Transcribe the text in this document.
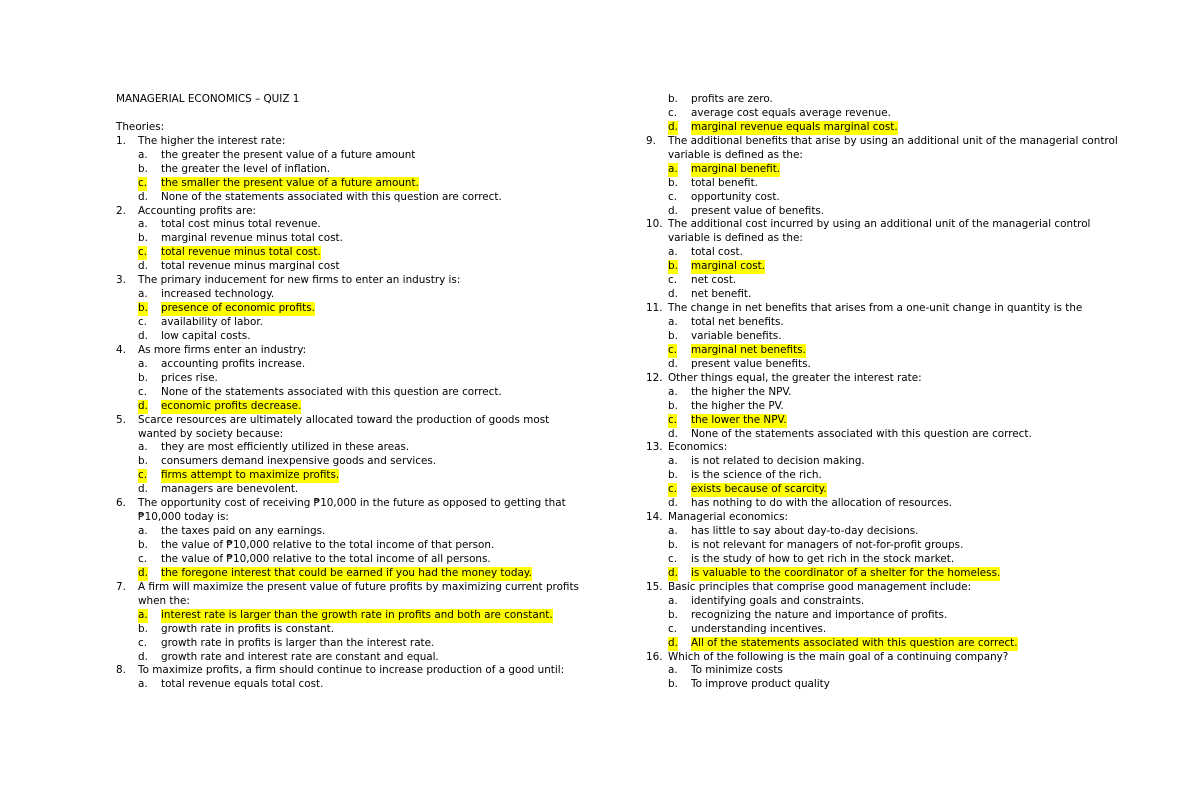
MANAGERIAL ECONOMICS – QUIZ 1
Theories:
1. The higher the interest rate:
a. the greater the present value of a future amount
b. the greater the level of inflation.
c. the smaller the present value of a future amount.
d. None of the statements associated with this question are correct.
2. Accounting profits are:
a. total cost minus total revenue.
b. marginal revenue minus total cost.
c. total revenue minus total cost.
d. total revenue minus marginal cost
3. The primary inducement for new firms to enter an industry is:
a. increased technology.
b. presence of economic profits.
c. availability of labor.
d. low capital costs.
4. As more firms enter an industry:
a. accounting profits increase.
b. prices rise.
c. None of the statements associated with this question are correct.
d. economic profits decrease.
5. Scarce resources are ultimately allocated toward the production of goods most
wanted by society because:
a. they are most efficiently utilized in these areas.
b. consumers demand inexpensive goods and services.
c. firms attempt to maximize profits.
d. managers are benevolent.
6. The opportunity cost of receiving ₱10,000 in the future as opposed to getting that
₱10,000 today is:
a. the taxes paid on any earnings.
b. the value of ₱10,000 relative to the total income of that person.
c. the value of ₱10,000 relative to the total income of all persons.
d. the foregone interest that could be earned if you had the money today.
7. A firm will maximize the present value of future profits by maximizing current profits
when the:
a. interest rate is larger than the growth rate in profits and both are constant.
b. growth rate in profits is constant.
c. growth rate in profits is larger than the interest rate.
d. growth rate and interest rate are constant and equal.
8. To maximize profits, a firm should continue to increase production of a good until:
a. total revenue equals total cost.
b. profits are zero.
c. average cost equals average revenue.
d. marginal revenue equals marginal cost.
9. The additional benefits that arise by using an additional unit of the managerial control
variable is defined as the:
a. marginal benefit.
b. total benefit.
c. opportunity cost.
d. present value of benefits.
10. The additional cost incurred by using an additional unit of the managerial control
variable is defined as the:
a. total cost.
b. marginal cost.
c. net cost.
d. net benefit.
11. The change in net benefits that arises from a one-unit change in quantity is the
a. total net benefits.
b. variable benefits.
c. marginal net benefits.
d. present value benefits.
12. Other things equal, the greater the interest rate:
a. the higher the NPV.
b. the higher the PV.
c. the lower the NPV.
d. None of the statements associated with this question are correct.
13. Economics:
a. is not related to decision making.
b. is the science of the rich.
c. exists because of scarcity.
d. has nothing to do with the allocation of resources.
14. Managerial economics:
a. has little to say about day-to-day decisions.
b. is not relevant for managers of not-for-profit groups.
c. is the study of how to get rich in the stock market.
d. is valuable to the coordinator of a shelter for the homeless.
15. Basic principles that comprise good management include:
a. identifying goals and constraints.
b. recognizing the nature and importance of profits.
c. understanding incentives.
d. All of the statements associated with this question are correct.
16. Which of the following is the main goal of a continuing company?
a. To minimize costs
b. To improve product quality
